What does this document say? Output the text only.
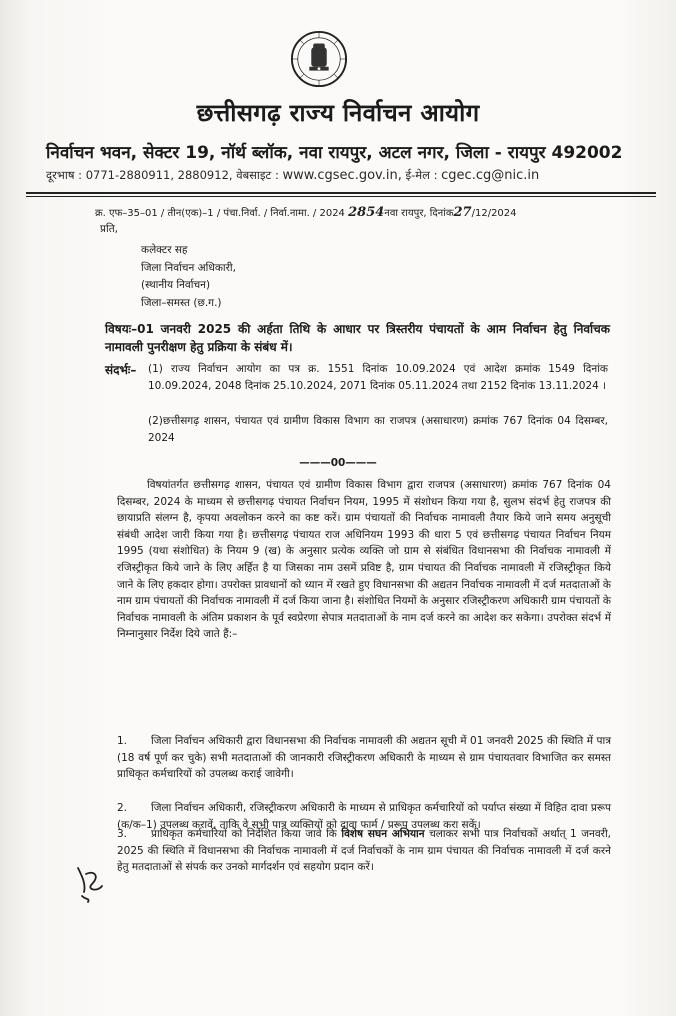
छत्तीसगढ़ राज्य निर्वाचन आयोग
निर्वाचन भवन, सेक्टर 19, नॉर्थ ब्लॉक, नवा रायपुर, अटल नगर, जिला - रायपुर 492002
दूरभाष : 0771-2880911, 2880912, वेबसाइट : www.cgsec.gov.in, ई-मेल : cgec.cg@nic.in
क्र. एफ–35–01 / तीन(एक)–1 / पंचा.निर्वा. / निर्वा.नामा. / 2024 2854नवा रायपुर, दिनांक27/12/2024
प्रति,
कलेक्टर सह
जिला निर्वाचन अधिकारी,
(स्थानीय निर्वाचन)
जिला–समस्त (छ.ग.)
विषयः–01 जनवरी 2025 की अर्हता तिथि के आधार पर त्रिस्तरीय पंचायतों के आम निर्वाचन हेतु निर्वाचक नामावली पुनरीक्षण हेतु प्रक्रिया के संबंध में।
संदर्भः– (1) राज्य निर्वाचन आयोग का पत्र क्र. 1551 दिनांक 10.09.2024 एवं आदेश क्रमांक 1549 दिनांक 10.09.2024, 2048 दिनांक 25.10.2024, 2071 दिनांक 05.11.2024 तथा 2152 दिनांक 13.11.2024 ।
(2)छत्तीसगढ़ शासन, पंचायत एवं ग्रामीण विकास विभाग का राजपत्र (असाधारण) क्रमांक 767 दिनांक 04 दिसम्बर, 2024
———00———

विषयांतर्गत छत्तीसगढ़ शासन, पंचायत एवं ग्रामीण विकास विभाग द्वारा राजपत्र (असाधारण) क्रमांक 767 दिनांक 04 दिसम्बर, 2024 के माध्यम से छत्तीसगढ़ पंचायत निर्वाचन नियम, 1995 में संशोधन किया गया है, सुलभ संदर्भ हेतु राजपत्र की छायाप्रति संलग्न है, कृपया अवलोकन करने का कष्ट करें। ग्राम पंचायतों की निर्वाचक नामावली तैयार किये जाने समय अनुसूची संबंधी आदेश जारी किया गया है। छत्तीसगढ़ पंचायत राज अधिनियम 1993 की धारा 5 एवं छत्तीसगढ़ पंचायत निर्वाचन नियम 1995 (यथा संशोधित) के नियम 9 (ख) के अनुसार प्रत्येक व्यक्ति जो ग्राम से संबंधित विधानसभा की निर्वाचक नामावली में रजिस्ट्रीकृत किये जाने के लिए अर्हित है या जिसका नाम उसमें प्रविष्ट है, ग्राम पंचायत की निर्वाचक नामावली में रजिस्ट्रीकृत किये जाने के लिए हकदार होगा। उपरोक्त प्रावधानों को ध्यान में रखते हुए विधानसभा की अद्यतन निर्वाचक नामावली में दर्ज मतदाताओं के नाम ग्राम पंचायतों की निर्वाचक नामावली में दर्ज किया जाना है। संशोधित नियमों के अनुसार रजिस्ट्रीकरण अधिकारी ग्राम पंचायतों के निर्वाचक नामावली के अंतिम प्रकाशन के पूर्व स्वप्रेरणा सेपात्र मतदाताओं के नाम दर्ज करने का आदेश कर सकेगा। उपरोक्त संदर्भ में निम्नानुसार निर्देश दिये जाते हैं:–

1. जिला निर्वाचन अधिकारी द्वारा विधानसभा की निर्वाचक नामावली की अद्यतन सूची में 01 जनवरी 2025 की स्थिति में पात्र (18 वर्ष पूर्ण कर चुके) सभी मतदाताओं की जानकारी रजिस्ट्रीकरण अधिकारी के माध्यम से ग्राम पंचायतवार विभाजित कर समस्त प्राधिकृत कर्मचारियों को उपलब्ध कराई जावेगी।
2. जिला निर्वाचन अधिकारी, रजिस्ट्रीकरण अधिकारी के माध्यम से प्राधिकृत कर्मचारियों को पर्याप्त संख्या में विहित दावा प्ररूप (क/क–1) उपलब्ध करावें, ताकि वे सभी पात्र व्यक्तियों को दावा फार्म / प्ररूप उपलब्ध करा सकें।
3. प्राधिकृत कर्मचारियों को निर्देशित किया जावे कि विशेष सघन अभियान चलाकर सभी पात्र निर्वाचकों अर्थात् 1 जनवरी, 2025 की स्थिति में विधानसभा की निर्वाचक नामावली में दर्ज निर्वाचकों के नाम ग्राम पंचायत की निर्वाचक नामावली में दर्ज करने हेतु मतदाताओं से संपर्क कर उनको मार्गदर्शन एवं सहयोग प्रदान करें।
